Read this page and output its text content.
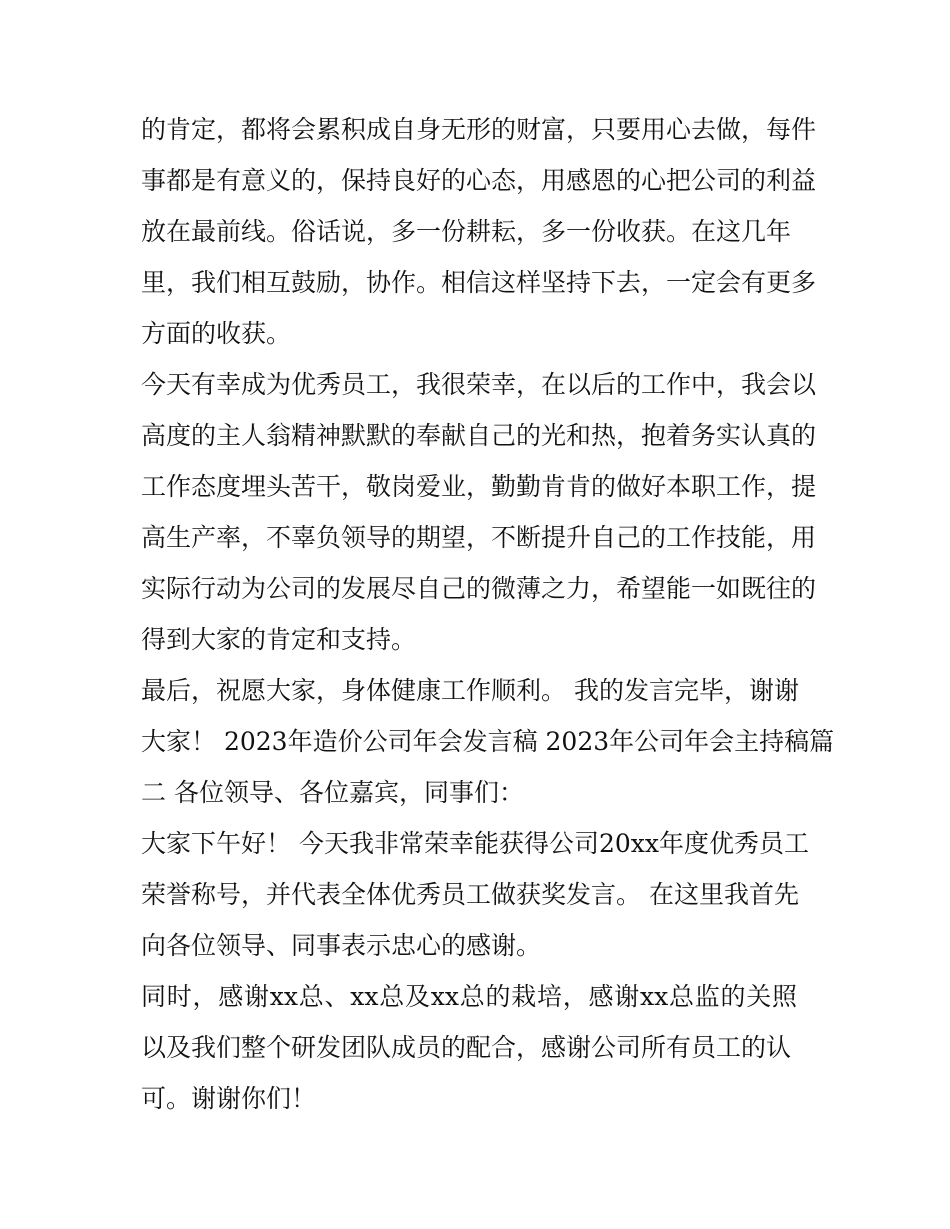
的肯定，都将会累积成自身无形的财富，只要用心去做，每件
事都是有意义的，保持良好的心态，用感恩的心把公司的利益
放在最前线。俗话说，多一份耕耘，多一份收获。在这几年
里，我们相互鼓励，协作。相信这样坚持下去，一定会有更多
方面的收获。
今天有幸成为优秀员工，我很荣幸，在以后的工作中，我会以
高度的主人翁精神默默的奉献自己的光和热，抱着务实认真的
工作态度埋头苦干，敬岗爱业，勤勤肯肯的做好本职工作，提
高生产率，不辜负领导的期望，不断提升自己的工作技能，用
实际行动为公司的发展尽自己的微薄之力，希望能一如既往的
得到大家的肯定和支持。
最后，祝愿大家，身体健康工作顺利。 我的发言完毕，谢谢
大家！ 2023年造价公司年会发言稿 2023年公司年会主持稿篇
二 各位领导、各位嘉宾，同事们：
大家下午好！ 今天我非常荣幸能获得公司20xx年度优秀员工
荣誉称号，并代表全体优秀员工做获奖发言。 在这里我首先
向各位领导、同事表示忠心的感谢。
同时，感谢xx总、xx总及xx总的栽培，感谢xx总监的关照
以及我们整个研发团队成员的配合，感谢公司所有员工的认
可。谢谢你们！
